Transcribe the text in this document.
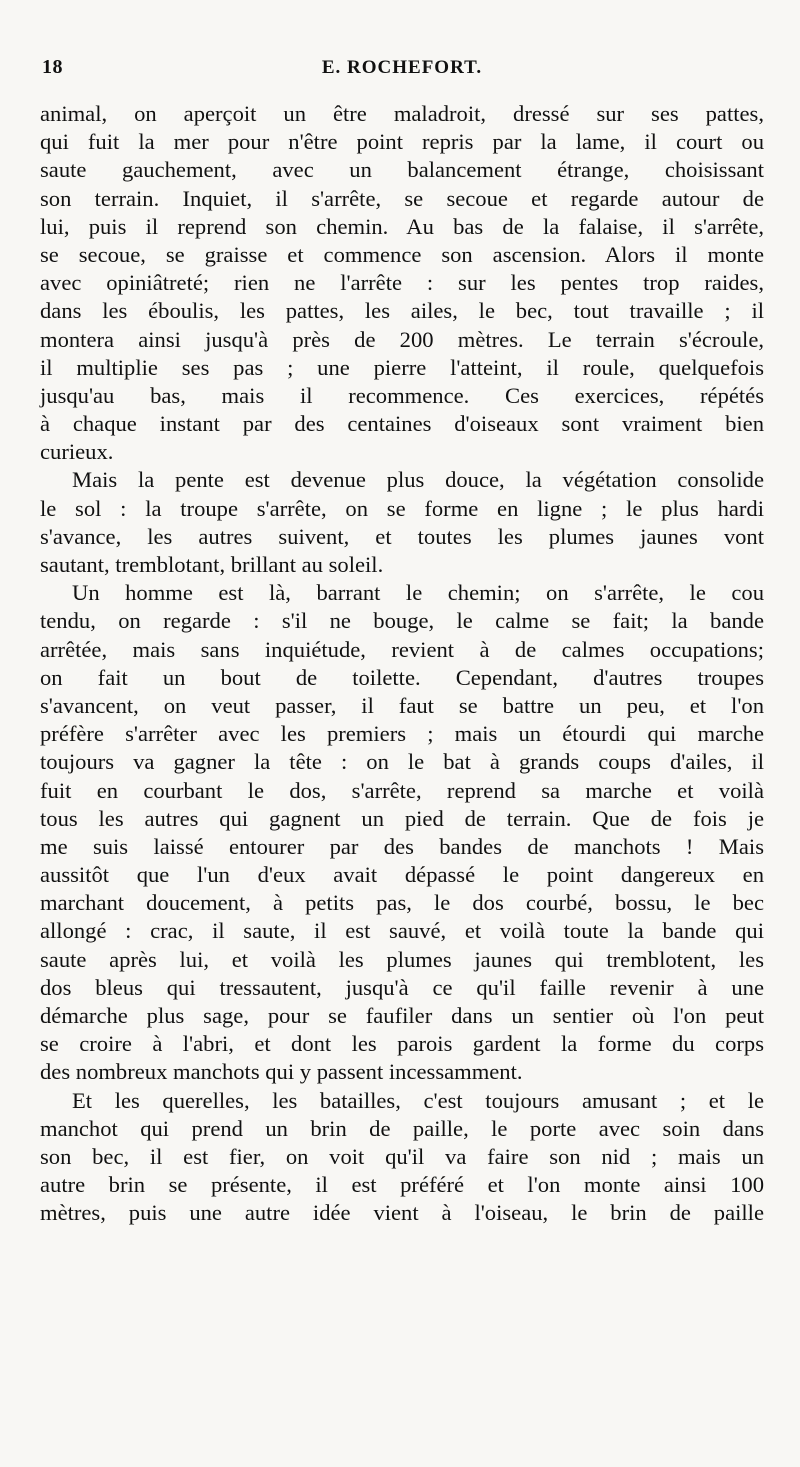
18	E. ROCHEFORT.
animal, on aperçoit un être maladroit, dressé sur ses pattes,
qui fuit la mer pour n'être point repris par la lame, il court ou
saute gauchement, avec un balancement étrange, choisissant
son terrain. Inquiet, il s'arrête, se secoue et regarde autour de
lui, puis il reprend son chemin. Au bas de la falaise, il s'arrête,
se secoue, se graisse et commence son ascension. Alors il monte
avec opiniâtreté; rien ne l'arrête : sur les pentes trop raides,
dans les éboulis, les pattes, les ailes, le bec, tout travaille ; il
montera ainsi jusqu'à près de 200 mètres. Le terrain s'écroule,
il multiplie ses pas ; une pierre l'atteint, il roule, quelquefois
jusqu'au bas, mais il recommence. Ces exercices, répétés
à chaque instant par des centaines d'oiseaux sont vraiment bien
curieux.
Mais la pente est devenue plus douce, la végétation consolide
le sol : la troupe s'arrête, on se forme en ligne ; le plus hardi
s'avance, les autres suivent, et toutes les plumes jaunes vont
sautant, tremblotant, brillant au soleil.
Un homme est là, barrant le chemin; on s'arrête, le cou
tendu, on regarde : s'il ne bouge, le calme se fait; la bande
arrêtée, mais sans inquiétude, revient à de calmes occupations;
on fait un bout de toilette. Cependant, d'autres troupes
s'avancent, on veut passer, il faut se battre un peu, et l'on
préfère s'arrêter avec les premiers ; mais un étourdi qui marche
toujours va gagner la tête : on le bat à grands coups d'ailes, il
fuit en courbant le dos, s'arrête, reprend sa marche et voilà
tous les autres qui gagnent un pied de terrain. Que de fois je
me suis laissé entourer par des bandes de manchots ! Mais
aussitôt que l'un d'eux avait dépassé le point dangereux en
marchant doucement, à petits pas, le dos courbé, bossu, le bec
allongé : crac, il saute, il est sauvé, et voilà toute la bande qui
saute après lui, et voilà les plumes jaunes qui tremblotent, les
dos bleus qui tressautent, jusqu'à ce qu'il faille revenir à une
démarche plus sage, pour se faufiler dans un sentier où l'on peut
se croire à l'abri, et dont les parois gardent la forme du corps
des nombreux manchots qui y passent incessamment.
Et les querelles, les batailles, c'est toujours amusant ; et le
manchot qui prend un brin de paille, le porte avec soin dans
son bec, il est fier, on voit qu'il va faire son nid ; mais un
autre brin se présente, il est préféré et l'on monte ainsi 100
mètres, puis une autre idée vient à l'oiseau, le brin de paille
